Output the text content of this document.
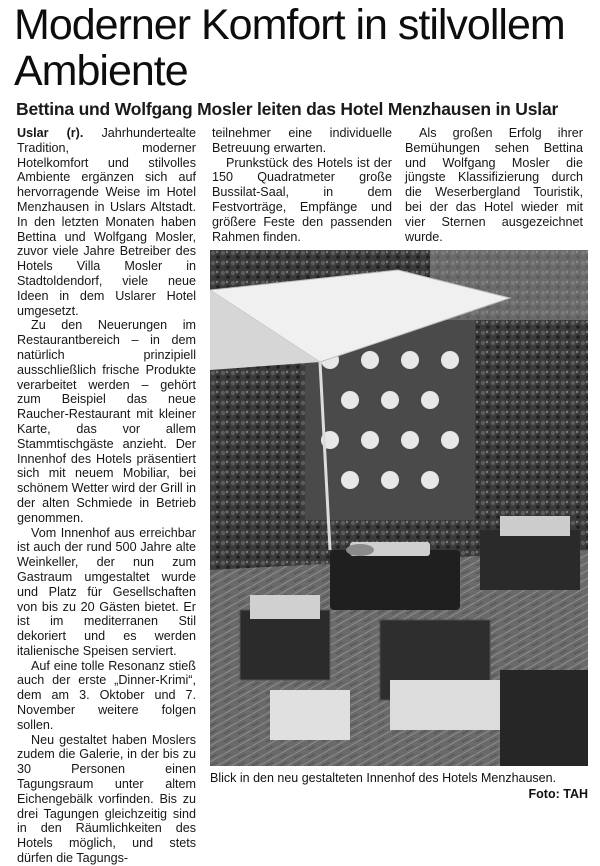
Moderner Komfort in stilvollem
Ambiente
Bettina und Wolfgang Mosler leiten das Hotel Menzhausen in Uslar

Uslar (r). Jahrhundertealte Tradition, moderner Hotelkomfort und stilvolles Ambiente ergänzen sich auf hervorragende Weise im Hotel Menzhausen in Uslars Altstadt. In den letzten Monaten haben Bettina und Wolfgang Mosler, zuvor viele Jahre Betreiber des Hotels Villa Mosler in Stadtoldendorf, viele neue Ideen in dem Uslarer Hotel umgesetzt.

Zu den Neuerungen im Restaurantbereich – in dem natürlich prinzipiell ausschließlich frische Produkte verarbeitet werden – gehört zum Beispiel das neue Raucher-Restaurant mit kleiner Karte, das vor allem Stammtischgäste anzieht. Der Innenhof des Hotels präsentiert sich mit neuem Mobiliar, bei schönem Wetter wird der Grill in der alten Schmiede in Betrieb genommen.

Vom Innenhof aus erreichbar ist auch der rund 500 Jahre alte Weinkeller, der nun zum Gastraum umgestaltet wurde und Platz für Gesellschaften von bis zu 20 Gästen bietet. Er ist im mediterranen Stil dekoriert und es werden italienische Speisen serviert.

Auf eine tolle Resonanz stieß auch der erste „Dinner-Krimi“, dem am 3. Oktober und 7. November weitere folgen sollen.

Neu gestaltet haben Moslers zudem die Galerie, in der bis zu 30 Personen einen Tagungsraum unter altem Eichengebälk vorfinden. Bis zu drei Tagungen gleichzeitig sind in den Räumlichkeiten des Hotels möglich, und stets dürfen die Tagungs-

teilnehmer eine individuelle Betreuung erwarten.

Prunkstück des Hotels ist der 150 Quadratmeter große Bussilat-Saal, in dem Festvorträge, Empfänge und größere Feste den passenden Rahmen finden.

Als großen Erfolg ihrer Bemühungen sehen Bettina und Wolfgang Mosler die jüngste Klassifizierung durch die Weserbergland Touristik, bei der das Hotel wieder mit vier Sternen ausgezeichnet wurde.

Blick in den neu gestalteten Innenhof des Hotels Menzhausen.
Foto: TAH
